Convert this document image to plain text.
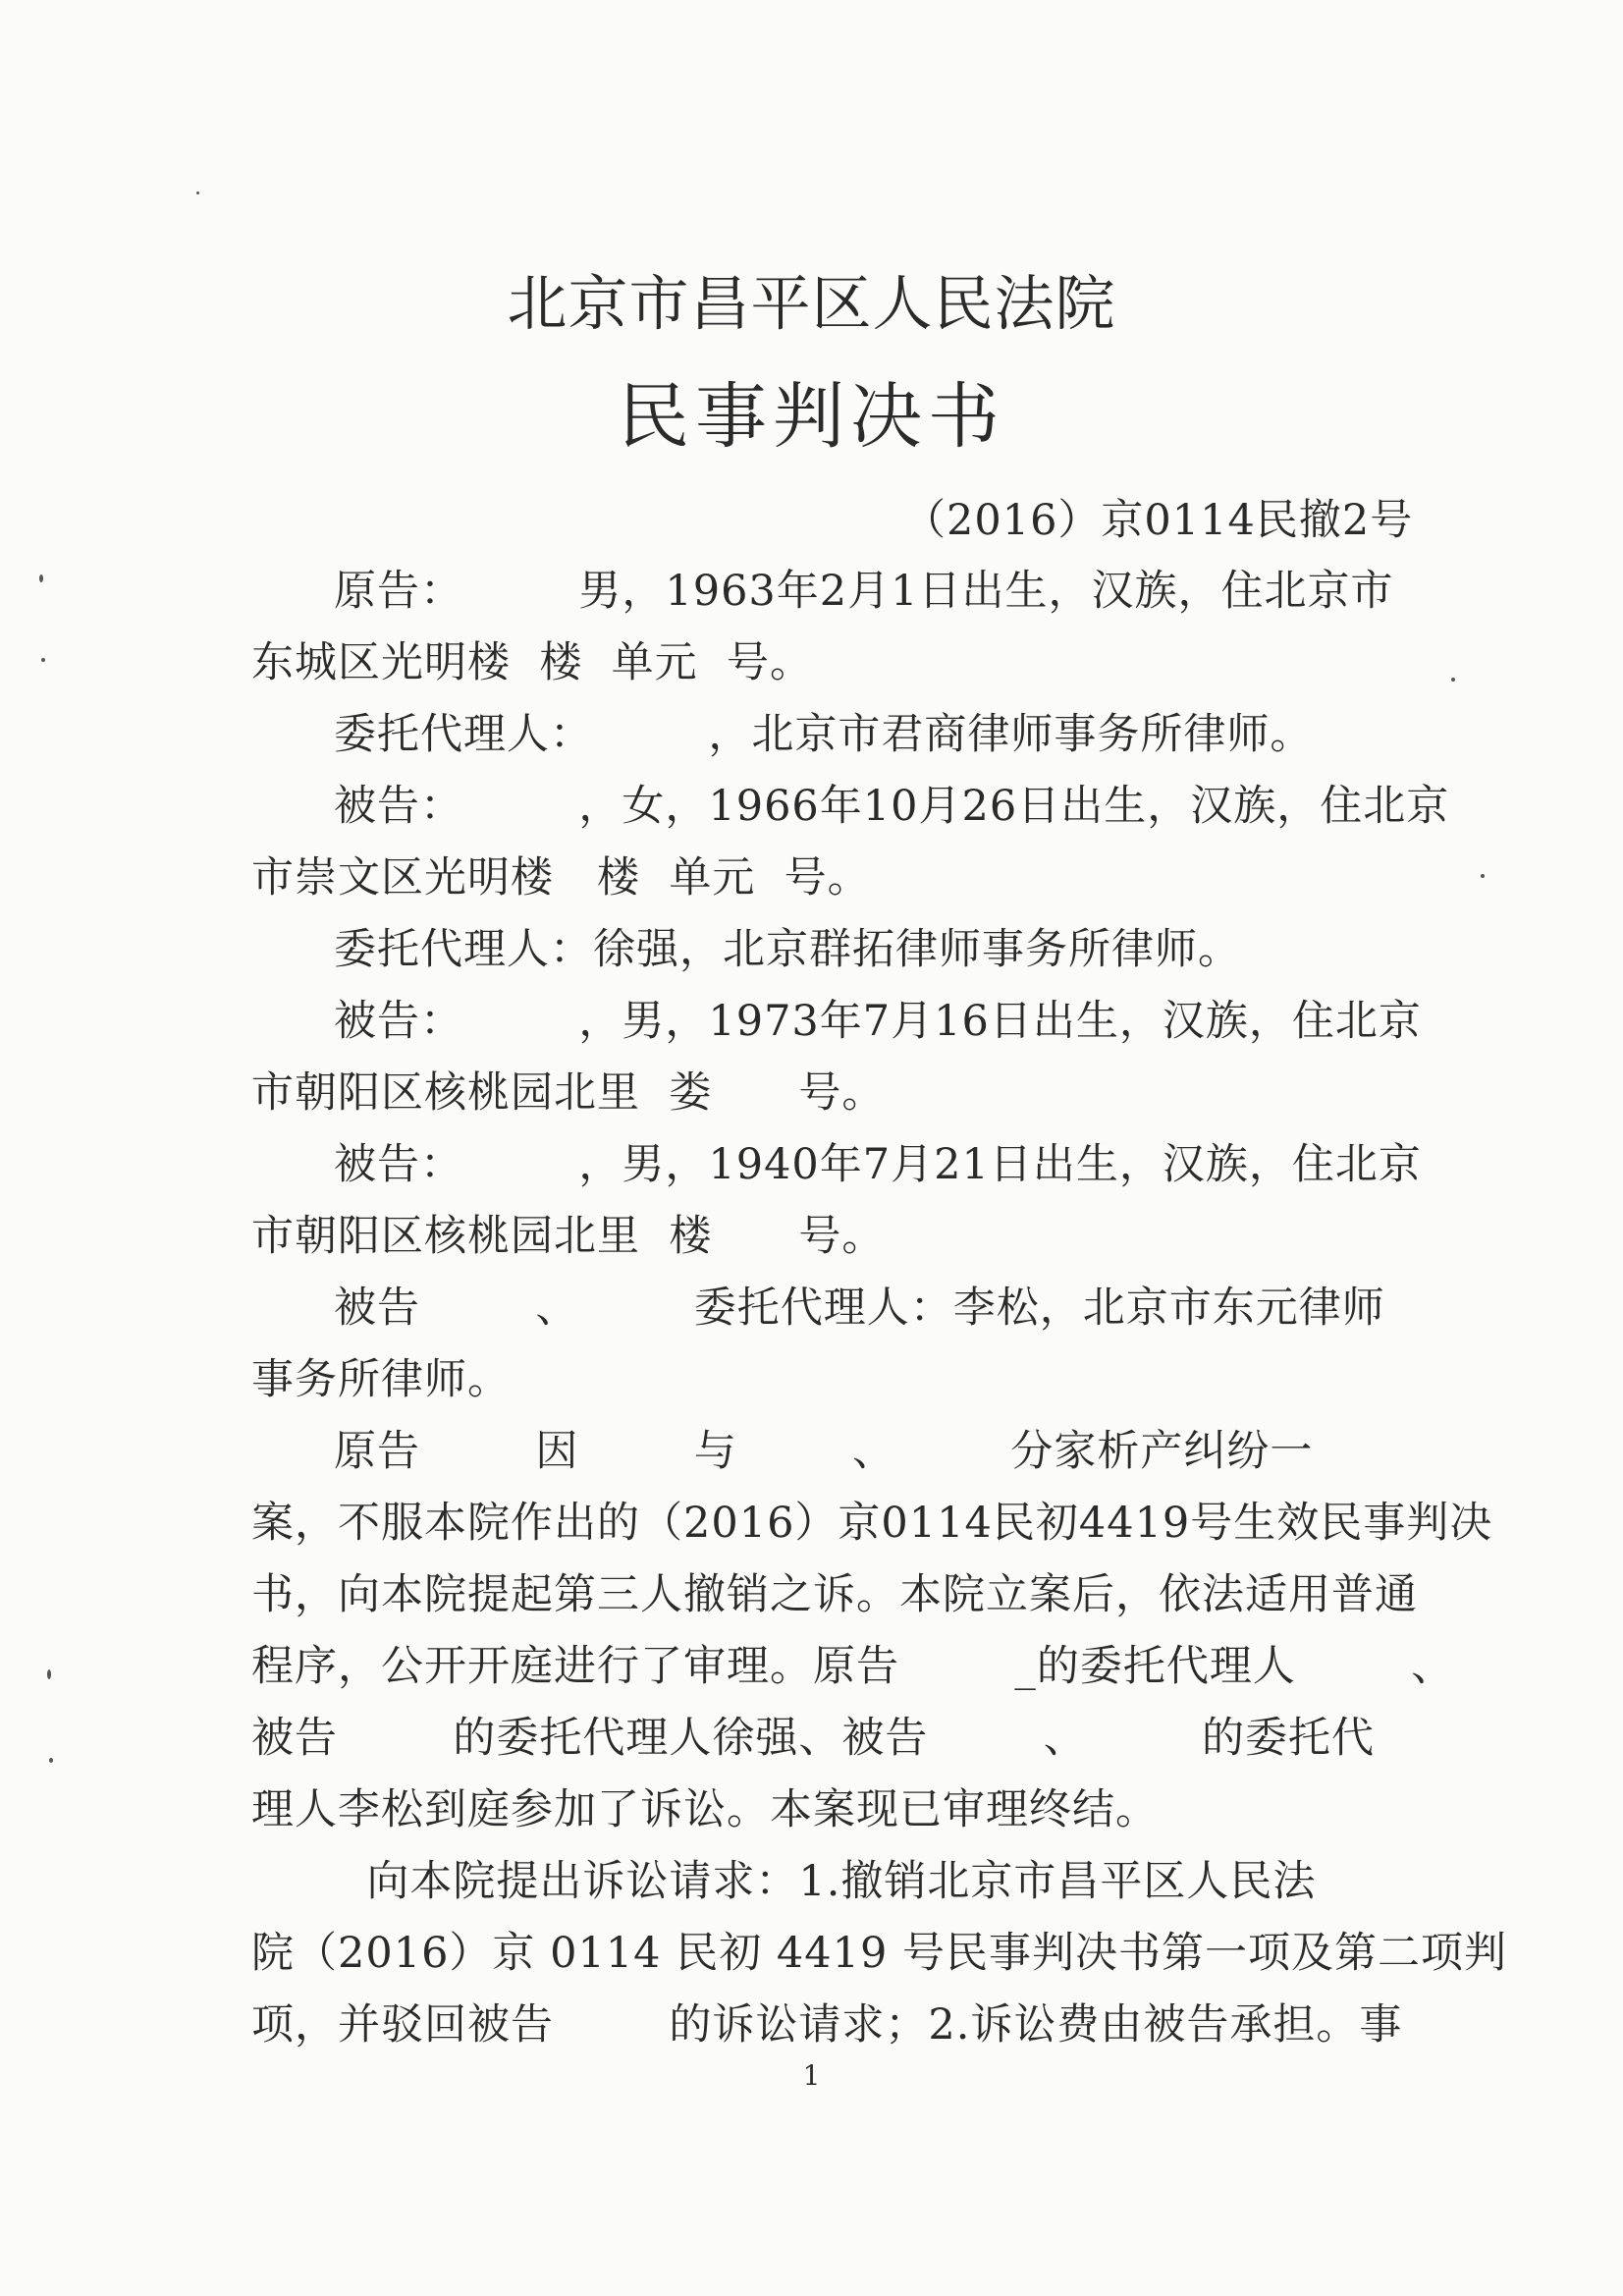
北京市昌平区人民法院
民事判决书
（2016）京0114民撤2号
原告：        男，1963年2月1日出生，汉族，住北京市
东城区光明楼  楼  单元  号。
委托代理人：        ，北京市君商律师事务所律师。
被告：        ，女，1966年10月26日出生，汉族，住北京
市崇文区光明楼   楼  单元  号。
委托代理人：徐强，北京群拓律师事务所律师。
被告：        ，男，1973年7月16日出生，汉族，住北京
市朝阳区核桃园北里  娄      号。
被告：        ，男，1940年7月21日出生，汉族，住北京
市朝阳区核桃园北里  楼      号。
被告        、        委托代理人：李松，北京市东元律师
事务所律师。
原告        因        与        、        分家析产纠纷一
案，不服本院作出的（2016）京0114民初4419号生效民事判决
书，向本院提起第三人撤销之诉。本院立案后，依法适用普通
程序，公开开庭进行了审理。原告        _的委托代理人        、
被告        的委托代理人徐强、被告        、        的委托代
理人李松到庭参加了诉讼。本案现已审理终结。
向本院提出诉讼请求：1.撤销北京市昌平区人民法
院（2016）京 0114 民初 4419 号民事判决书第一项及第二项判
项，并驳回被告        的诉讼请求；2.诉讼费由被告承担。事
1
